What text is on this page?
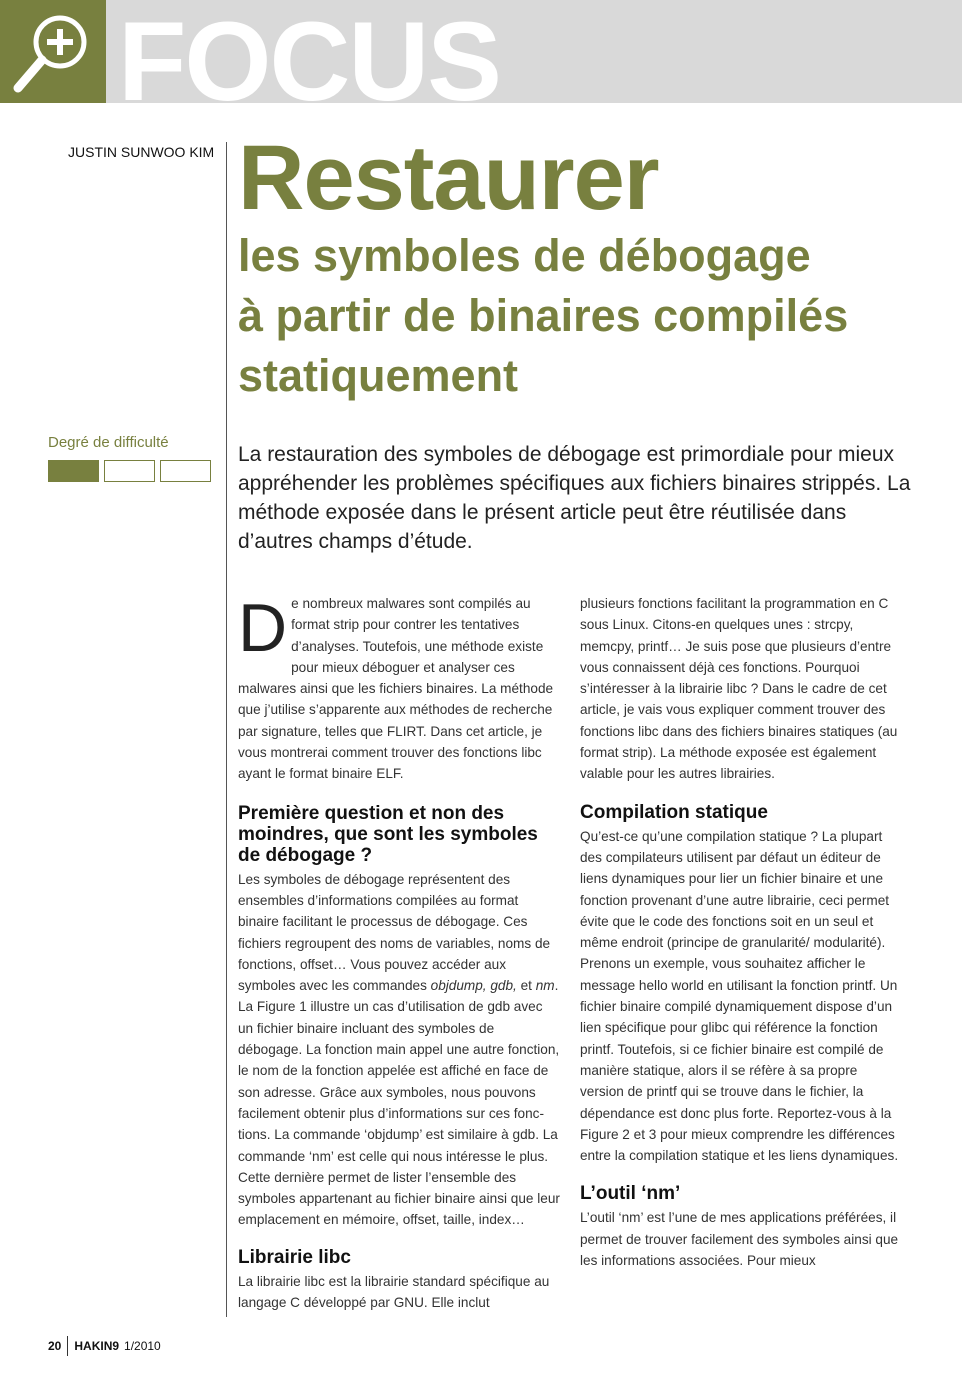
FOCUS
JUSTIN SUNWOO KIM Restaurer
les symboles de débogage
à partir de binaires compilés
statiquement
Degré de difficulté
La restauration des symboles de débogage est primordiale pour mieux appréhender les problèmes spécifiques aux fichiers binaires strippés. La méthode exposée dans le présent article peut être réutilisée dans d’autres champs d’étude.

De nombreux malwares sont compilés au format strip pour contrer les tentatives d’analyses. Toutefois, une méthode existe pour mieux déboguer et analyser ces malwares ainsi que les fichiers binaires. La méthode que j’utilise s’apparente aux méthodes de recherche par signature, telles que FLIRT. Dans cet article, je vous montrerai comment trouver des fonctions libc ayant le format binaire ELF.

Première question et non des moindres, que sont les symboles de débogage ?

Les symboles de débogage représentent des ensembles d’informations compilées au format binaire facilitant le processus de débogage. Ces fichiers regroupent des noms de variables, noms de fonctions, offset… Vous pouvez accéder aux symboles avec les commandes objdump, gdb, et nm. La Figure 1 illustre un cas d’utilisation de gdb avec un fichier binaire incluant des symboles de débogage. La fonction main appel une autre fonction, le nom de la fonction appelée est affiché en face de son adresse. Grâce aux symboles, nous pouvons facilement obtenir plus d’informations sur ces fonc-tions. La commande ‘objdump’ est similaire à gdb. La commande ‘nm’ est celle qui nous intéresse le plus. Cette dernière permet de lister l’ensemble des symboles appartenant au fichier binaire ainsi que leur emplacement en mémoire, offset, taille, index…

Librairie libc

La librairie libc est la librairie standard spécifique au langage C développé par GNU. Elle inclut

plusieurs fonctions facilitant la programmation en C sous Linux. Citons-en quelques unes : strcpy, memcpy, printf… Je suis pose que plusieurs d’entre vous connaissent déjà ces fonctions. Pourquoi s’intéresser à la librairie libc ? Dans le cadre de cet article, je vais vous expliquer comment trouver des fonctions libc dans des fichiers binaires statiques (au format strip). La méthode exposée est également valable pour les autres librairies.

Compilation statique

Qu’est-ce qu’une compilation statique ? La plupart des compilateurs utilisent par défaut un éditeur de liens dynamiques pour lier un fichier binaire et une fonction provenant d’une autre librairie, ceci permet évite que le code des fonctions soit en un seul et même endroit (principe de granularité/ modularité). Prenons un exemple, vous souhaitez afficher le message hello world en utilisant la fonction printf. Un fichier binaire compilé dynamiquement dispose d’un lien spécifique pour glibc qui référence la fonction printf. Toutefois, si ce fichier binaire est compilé de manière statique, alors il se réfère à sa propre version de printf qui se trouve dans le fichier, la dépendance est donc plus forte. Reportez-vous à la Figure 2 et 3 pour mieux comprendre les différences entre la compilation statique et les liens dynamiques.

L’outil ‘nm’

L’outil ‘nm’ est l’une de mes applications préférées, il permet de trouver facilement des symboles ainsi que les informations associées. Pour mieux

20 HAKIN9 1/2010
